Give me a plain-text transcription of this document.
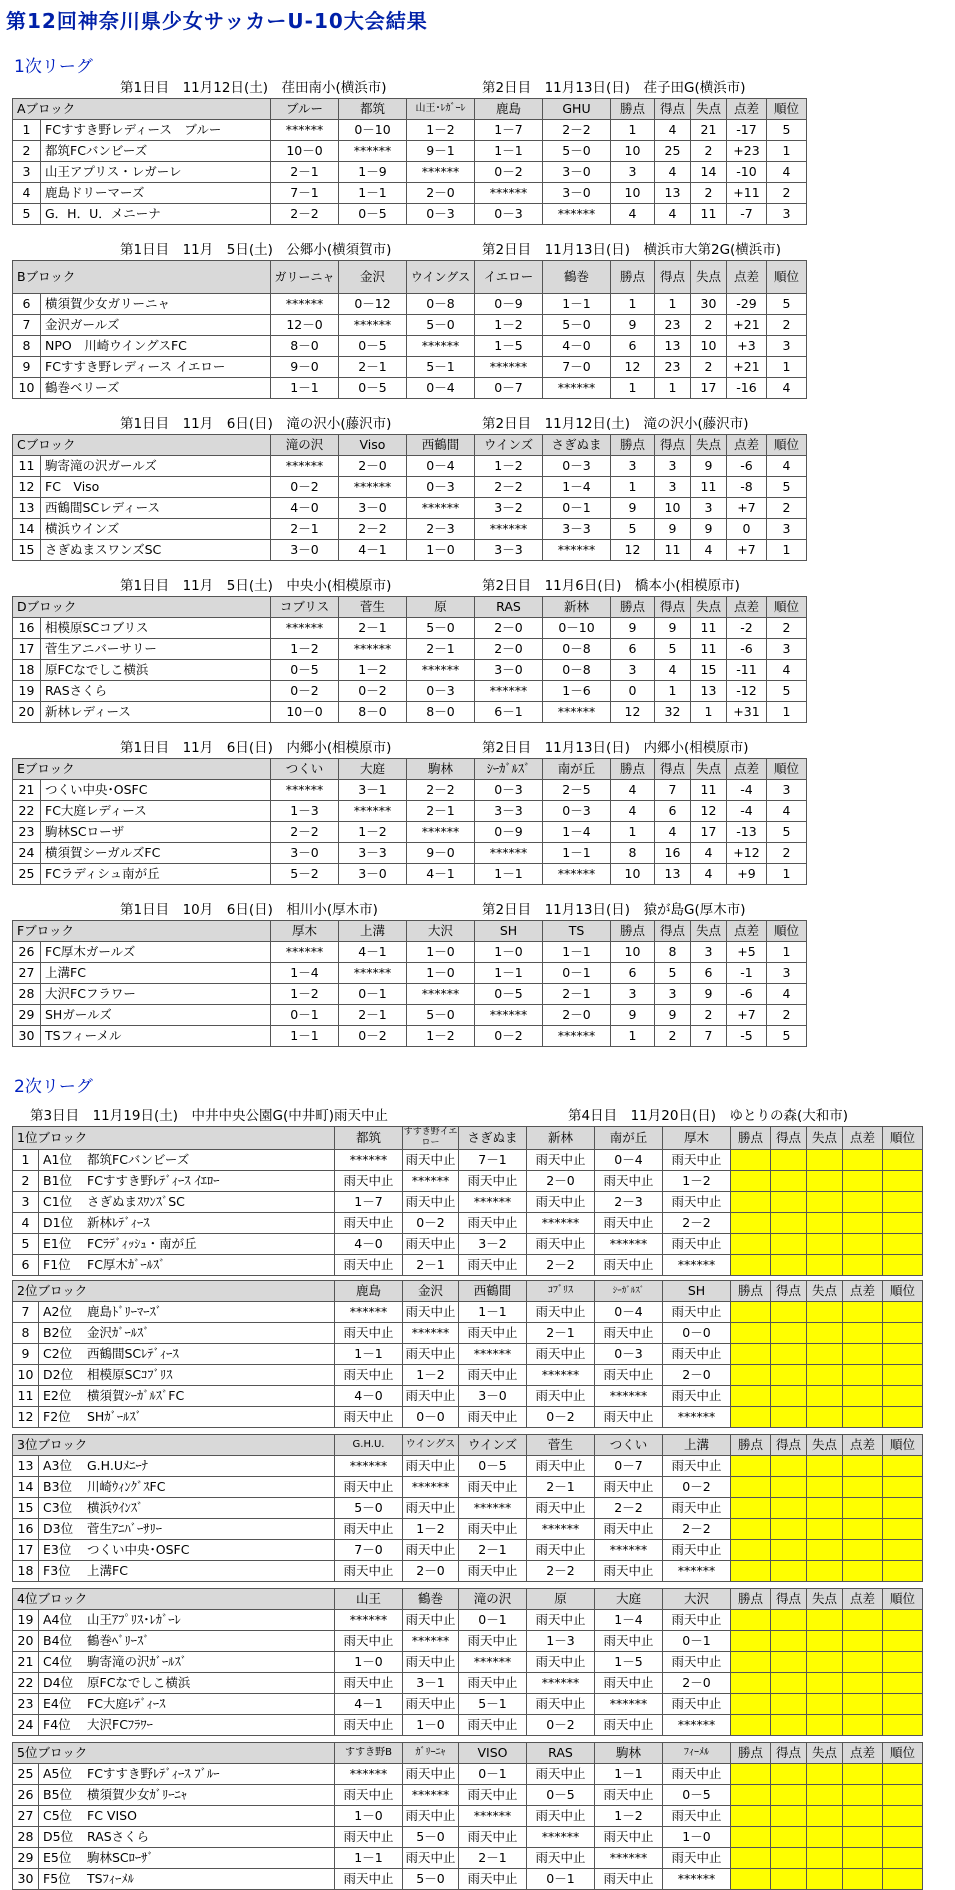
第12回神奈川県少女サッカーU-10大会結果
1次リーグ
2次リーグ
第1日目　11月12日(土)　荏田南小(横浜市)	第2日目　11月13日(日)　荏子田G(横浜市)
Aブロック		ブルー	都筑	山王･ﾚｶﾞｰﾚ	鹿島	GHU	勝点	得点	失点	点差	順位
1	FCすすき野レディース　ブルー	******	0－10	1－2	1－7	2－2	1	4	21	-17	5
2	都筑FCバンビーズ	10－0	******	9－1	1－1	5－0	10	25	2	+23	1
3	山王アプリス・レガーレ	2－1	1－9	******	0－2	3－0	3	4	14	-10	4
4	鹿島ドリーマーズ	7－1	1－1	2－0	******	3－0	10	13	2	+11	2
5	G．H．U．メニーナ	2－2	0－5	0－3	0－3	******	4	4	11	-7	3
第1日目　11月　5日(土)　公郷小(横須賀市)	第2日目　11月13日(日)　横浜市大第2G(横浜市)
Bブロック		ガリーニャ	金沢	ウイングス	イエロー	鶴巻	勝点	得点	失点	点差	順位
6	横須賀少女ガリーニャ	******	0－12	0－8	0－9	1－1	1	1	30	-29	5
7	金沢ガールズ	12－0	******	5－0	1－2	5－0	9	23	2	+21	2
8	NPO　川崎ウイングスFC	8－0	0－5	******	1－5	4－0	6	13	10	+3	3
9	FCすすき野レディース イエロー	9－0	2－1	5－1	******	7－0	12	23	2	+21	1
10	鶴巻ベリーズ	1－1	0－5	0－4	0－7	******	1	1	17	-16	4
第1日目　11月　6日(日)　滝の沢小(藤沢市)	第2日目　11月12日(土)　滝の沢小(藤沢市)
Cブロック		滝の沢	Viso	西鶴間	ウインズ	さぎぬま	勝点	得点	失点	点差	順位
11	駒寄滝の沢ガールズ	******	2－0	0－4	1－2	0－3	3	3	9	-6	4
12	FC　Viso	0－2	******	0－3	2－2	1－4	1	3	11	-8	5
13	西鶴間SCレディース	4－0	3－0	******	3－2	0－1	9	10	3	+7	2
14	横浜ウインズ	2－1	2－2	2－3	******	3－3	5	9	9	0	3
15	さぎぬまスワンズSC	3－0	4－1	1－0	3－3	******	12	11	4	+7	1
第1日目　11月　5日(土)　中央小(相模原市)	第2日目　11月6日(日)　橋本小(相模原市)
Dブロック		コブリス	菅生	原	RAS	新林	勝点	得点	失点	点差	順位
16	相模原SCコブリス	******	2－1	5－0	2－0	0－10	9	9	11	-2	2
17	菅生アニバーサリー	1－2	******	2－1	2－0	0－8	6	5	11	-6	3
18	原FCなでしこ横浜	0－5	1－2	******	3－0	0－8	3	4	15	-11	4
19	RASさくら	0－2	0－2	0－3	******	1－6	0	1	13	-12	5
20	新林レディース	10－0	8－0	8－0	6－1	******	12	32	1	+31	1
第1日目　11月　6日(日)　内郷小(相模原市)	第2日目　11月13日(日)　内郷小(相模原市)
Eブロック		つくい	大庭	駒林	ｼｰｶﾞﾙｽﾞ	南が丘	勝点	得点	失点	点差	順位
21	つくい中央･OSFC	******	3－1	2－2	0－3	2－5	4	7	11	-4	3
22	FC大庭レディース	1－3	******	2－1	3－3	0－3	4	6	12	-4	4
23	駒林SCローザ	2－2	1－2	******	0－9	1－4	1	4	17	-13	5
24	横須賀シーガルズFC	3－0	3－3	9－0	******	1－1	8	16	4	+12	2
25	FCラディシュ南が丘	5－2	3－0	4－1	1－1	******	10	13	4	+9	1
第1日目　10月　6日(日)　相川小(厚木市)	第2日目　11月13日(日)　猿が島G(厚木市)
Fブロック		厚木	上溝	大沢	SH	TS	勝点	得点	失点	点差	順位
26	FC厚木ガールズ	******	4－1	1－0	1－0	1－1	10	8	3	+5	1
27	上溝FC	1－4	******	1－0	1－1	0－1	6	5	6	-1	3
28	大沢FCフラワー	1－2	0－1	******	0－5	2－1	3	3	9	-6	4
29	SHガールズ	0－1	2－1	5－0	******	2－0	9	9	2	+7	2
30	TSフィーメル	1－1	0－2	1－2	0－2	******	1	2	7	-5	5
第3日目　11月19日(土)　中井中央公園G(中井町)雨天中止	第4日目　11月20日(日)　ゆとりの森(大和市)
1位ブロック		都筑	すすき野イエロー	さぎぬま	新林	南が丘	厚木	勝点	得点	失点	点差	順位
1	A1位 都筑FCバンビーズ	******	雨天中止	7－1	雨天中止	0－4	雨天中止					
2	B1位 FCすすき野ﾚﾃﾞｨｰｽ ｲｴﾛｰ	雨天中止	******	雨天中止	2－0	雨天中止	1－2					
3	C1位 さぎぬまｽﾜﾝｽﾞSC	1－7	雨天中止	******	雨天中止	2－3	雨天中止					
4	D1位 新林ﾚﾃﾞｨｰｽ	雨天中止	0－2	雨天中止	******	雨天中止	2－2					
5	E1位 FCﾗﾃﾞｨｯｼｭ・南が丘	4－0	雨天中止	3－2	雨天中止	******	雨天中止					
6	F1位 FC厚木ｶﾞｰﾙｽﾞ	雨天中止	2－1	雨天中止	2－2	雨天中止	******					
2位ブロック		鹿島	金沢	西鶴間	ｺﾌﾞﾘｽ	ｼｰｶﾞﾙｽﾞ	SH	勝点	得点	失点	点差	順位
7	A2位 鹿島ﾄﾞﾘｰﾏｰｽﾞ	******	雨天中止	1－1	雨天中止	0－4	雨天中止					
8	B2位 金沢ｶﾞｰﾙｽﾞ	雨天中止	******	雨天中止	2－1	雨天中止	0－0					
9	C2位 西鶴間SCﾚﾃﾞｨｰｽ	1－1	雨天中止	******	雨天中止	0－3	雨天中止					
10	D2位 相模原SCｺﾌﾞﾘｽ	雨天中止	1－2	雨天中止	******	雨天中止	2－0					
11	E2位 横須賀ｼｰｶﾞﾙｽﾞFC	4－0	雨天中止	3－0	雨天中止	******	雨天中止					
12	F2位 SHｶﾞｰﾙｽﾞ	雨天中止	0－0	雨天中止	0－2	雨天中止	******					
3位ブロック		G.H.U.	ウイングス	ウインズ	菅生	つくい	上溝	勝点	得点	失点	点差	順位
13	A3位 G.H.Uﾒﾆｰﾅ	******	雨天中止	0－5	雨天中止	0－7	雨天中止					
14	B3位 川崎ｳｨﾝｸﾞｽFC	雨天中止	******	雨天中止	2－1	雨天中止	0－2					
15	C3位 横浜ｳｲﾝｽﾞ	5－0	雨天中止	******	雨天中止	2－2	雨天中止					
16	D3位 菅生ｱﾆﾊﾞｰｻﾘｰ	雨天中止	1－2	雨天中止	******	雨天中止	2－2					
17	E3位 つくい中央･OSFC	7－0	雨天中止	2－1	雨天中止	******	雨天中止					
18	F3位 上溝FC	雨天中止	2－0	雨天中止	2－2	雨天中止	******					
4位ブロック		山王	鶴巻	滝の沢	原	大庭	大沢	勝点	得点	失点	点差	順位
19	A4位 山王ｱﾌﾟﾘｽ･ﾚｶﾞｰﾚ	******	雨天中止	0－1	雨天中止	1－4	雨天中止					
20	B4位 鶴巻ﾍﾞﾘｰｽﾞ	雨天中止	******	雨天中止	1－3	雨天中止	0－1					
21	C4位 駒寄滝の沢ｶﾞｰﾙｽﾞ	1－0	雨天中止	******	雨天中止	1－5	雨天中止					
22	D4位 原FCなでしこ横浜	雨天中止	3－1	雨天中止	******	雨天中止	2－0					
23	E4位 FC大庭ﾚﾃﾞｨｰｽ	4－1	雨天中止	5－1	雨天中止	******	雨天中止					
24	F4位 大沢FCﾌﾗﾜｰ	雨天中止	1－0	雨天中止	0－2	雨天中止	******					
5位ブロック		すすき野B	ｶﾞﾘｰﾆｬ	VISO	RAS	駒林	ﾌｨｰﾒﾙ	勝点	得点	失点	点差	順位
25	A5位 FCすすき野ﾚﾃﾞｨｰｽ ﾌﾞﾙｰ	******	雨天中止	0－1	雨天中止	1－1	雨天中止					
26	B5位 横須賀少女ｶﾞﾘｰﾆｬ	雨天中止	******	雨天中止	0－5	雨天中止	0－5					
27	C5位 FC VISO	1－0	雨天中止	******	雨天中止	1－2	雨天中止					
28	D5位 RASさくら	雨天中止	5－0	雨天中止	******	雨天中止	1－0					
29	E5位 駒林SCﾛｰｻﾞ	1－1	雨天中止	2－1	雨天中止	******	雨天中止					
30	F5位 TSﾌｨｰﾒﾙ	雨天中止	5－0	雨天中止	0－1	雨天中止	******					
